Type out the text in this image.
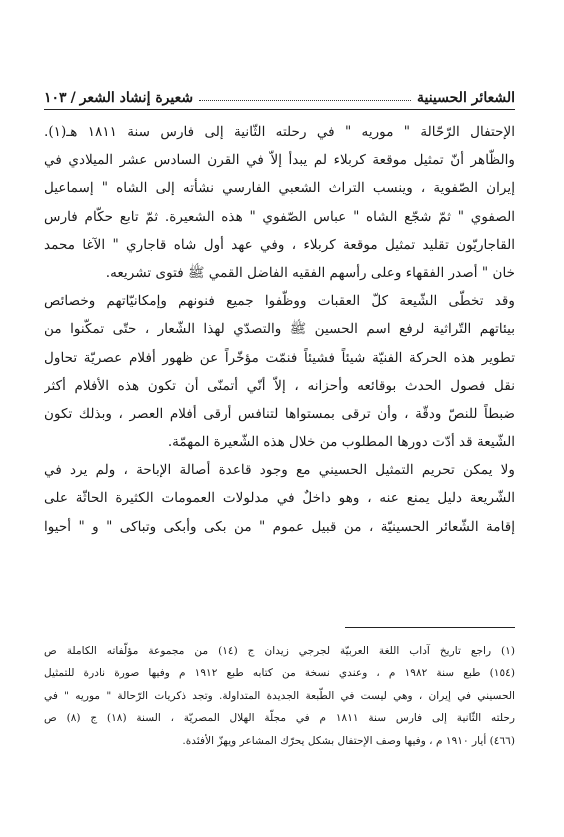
الشعائر الحسينية
شعيرة إنشاد الشعر
/
١٠٣
الإحتفال الرّحّالة " موريه " في رحلته الثّانية إلى فارس سنة ١٨١١ هـ(١).
والظّاهر أنّ تمثيل موقعة كربلاء لم يبدأ إلاّ في القرن السادس عشر الميلادي في
إيران الصّفوية ، وينسب التراث الشعبي الفارسي نشأته إلى الشاه " إسماعيل
الصفوي " ثمّ شجّع الشاه " عباس الصّفوي " هذه الشعيرة. ثمّ تابع حكّام فارس
القاجاريّون تقليد تمثيل موقعة كربلاء ، وفي عهد أول شاه قاجاري " الآغا محمد
خان " أصدر الفقهاء وعلى رأسهم الفقيه الفاضل القمي ﷺ فتوى تشريعه.
وقد تخطّى الشّيعة كلّ العقبات ووظّفوا جميع فنونهم وإمكانيّاتهم وخصائص
بيئاتهم التّراثية لرفع اسم الحسين ﷺ والتصدّي لهذا الشّعار ، حتّى تمكّنوا من
تطوير هذه الحركة الفنيّة شيئاً فشيئاً فنمّت مؤخّراً عن ظهور أفلام عصريّة تحاول
نقل فصول الحدث بوقائعه وأحزانه ، إلاّ أنّي أتمنّى أن تكون هذه الأفلام أكثر
ضبطاً للنصّ ودقّة ، وأن ترقى بمستواها لتنافس أرقى أفلام العصر ، وبذلك تكون
الشّيعة قد أدّت دورها المطلوب من خلال هذه الشّعيرة المهمّة.
ولا يمكن تحريم التمثيل الحسيني مع وجود قاعدة أصالة الإباحة ، ولم يرد في
الشّريعة دليل يمنع عنه ، وهو داخلٌ في مدلولات العمومات الكثيرة الحاثّة على
إقامة الشّعائر الحسينيّة ، من قبيل عموم " من بكى وأبكى وتباكى " و " أحيوا
(١) راجع تاريخ آداب اللغة العربيّة لجرجي زيدان ج (١٤) من مجموعة مؤلّفاته الكاملة ص
(١٥٤) طبع سنة ١٩٨٢ م ، وعندي نسخة من كتابه طبع ١٩١٢ م وفيها صورة نادرة للتمثيل
الحسيني في إيران ، وهي ليست في الطّبعة الجديدة المتداولة. وتجد ذكريات الرّحالة " موريه " في
رحلته الثّانية إلى فارس سنة ١٨١١ م في مجلّة الهلال المصريّة ، السنة (١٨) ج (٨) ص
(٤٦٦) أيار ١٩١٠ م ، وفيها وصف الإحتفال بشكل يحرّك المشاعر ويهزّ الأفئدة.
